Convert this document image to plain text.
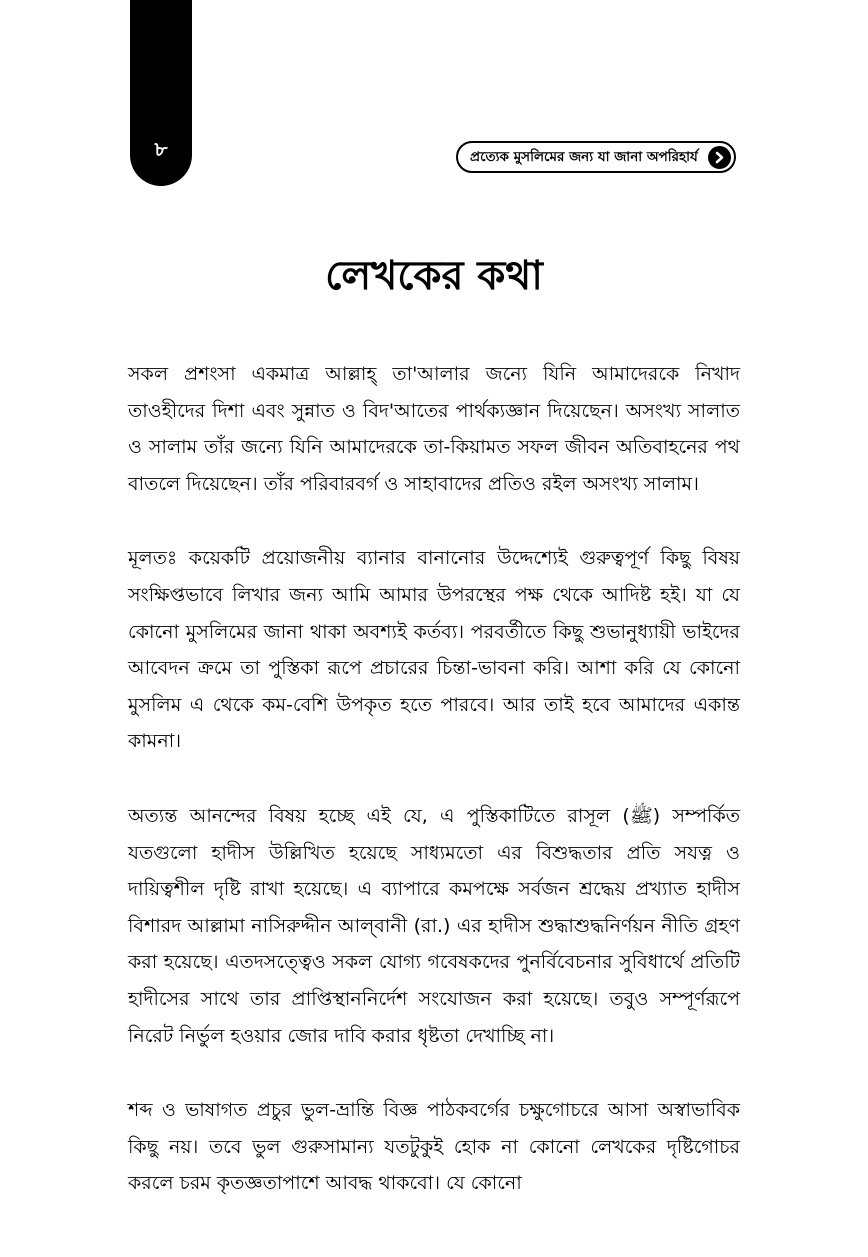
৮	প্রত্যেক মুসলিমের জন্য যা জানা অপরিহার্য
লেখকের কথা

সকল প্রশংসা একমাত্র আল্লাহ্‌ তা'আলার জন্যে যিনি আমাদেরকে নিখাদ তাওহীদের দিশা এবং সুন্নাত ও বিদ'আতের পার্থক্যজ্ঞান দিয়েছেন। অসংখ্য সালাত ও সালাম তাঁর জন্যে যিনি আমাদেরকে তা-কিয়ামত সফল জীবন অতিবাহনের পথ বাতলে দিয়েছেন। তাঁর পরিবারবর্গ ও সাহাবাদের প্রতিও রইল অসংখ্য সালাম।

মূলতঃ কয়েকটি প্রয়োজনীয় ব্যানার বানানোর উদ্দেশ্যেই গুরুত্বপূর্ণ কিছু বিষয় সংক্ষিপ্তভাবে লিখার জন্য আমি আমার উপরস্থের পক্ষ থেকে আদিষ্ট হই। যা যে কোনো মুসলিমের জানা থাকা অবশ্যই কর্তব্য। পরবর্তীতে কিছু শুভানুধ্যায়ী ভাইদের আবেদন ক্রমে তা পুস্তিকা রূপে প্রচারের চিন্তা-ভাবনা করি। আশা করি যে কোনো মুসলিম এ থেকে কম-বেশি উপকৃত হতে পারবে। আর তাই হবে আমাদের একান্ত কামনা।

অত্যন্ত আনন্দের বিষয় হচ্ছে এই যে, এ পুস্তিকাটিতে রাসূল (ﷺ) সম্পর্কিত যতগুলো হাদীস উল্লিখিত হয়েছে সাধ্যমতো এর বিশুদ্ধতার প্রতি সযত্ন ও দায়িত্বশীল দৃষ্টি রাখা হয়েছে। এ ব্যাপারে কমপক্ষে সর্বজন শ্রদ্ধেয় প্রখ্যাত হাদীস বিশারদ আল্লামা নাসিরুদ্দীন আল্‌বানী (রা.) এর হাদীস শুদ্ধাশুদ্ধনির্ণয়ন নীতি গ্রহণ করা হয়েছে। এতদসত্ত্বেও সকল যোগ্য গবেষকদের পুনর্বিবেচনার সুবিধার্থে প্রতিটি হাদীসের সাথে তার প্রাপ্তিস্থাননির্দেশ সংযোজন করা হয়েছে। তবুও সম্পূর্ণরূপে নিরেট নির্ভুল হওয়ার জোর দাবি করার ধৃষ্টতা দেখাচ্ছি না।

শব্দ ও ভাষাগত প্রচুর ভুল-ভ্রান্তি বিজ্ঞ পাঠকবর্গের চক্ষুগোচরে আসা অস্বাভাবিক কিছু নয়। তবে ভুল গুরুসামান্য যতটুকুই হোক না কোনো লেখকের দৃষ্টিগোচর করলে চরম কৃতজ্ঞতাপাশে আবদ্ধ থাকবো। যে কোনো
